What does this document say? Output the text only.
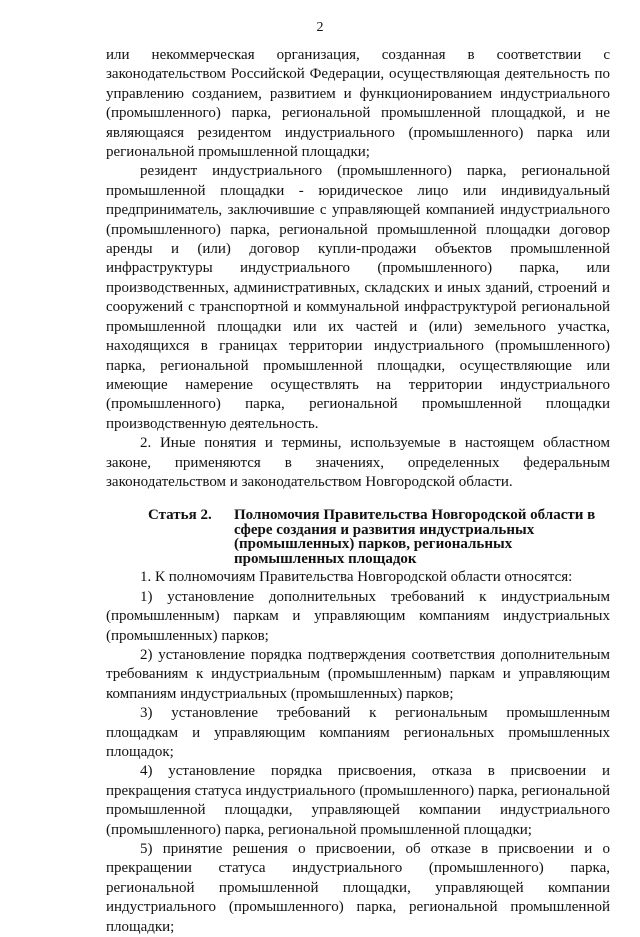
2

или некоммерческая организация, созданная в соответствии с законодательством Российской Федерации, осуществляющая деятельность по управлению созданием, развитием и функционированием индустриального (промышленного) парка, региональной промышленной площадкой, и не являющаяся резидентом индустриального (промышленного) парка или региональной промышленной площадки;

резидент индустриального (промышленного) парка, региональной промышленной площадки - юридическое лицо или индивидуальный предприниматель, заключившие с управляющей компанией индустриального (промышленного) парка, региональной промышленной площадки договор аренды и (или) договор купли-продажи объектов промышленной инфраструктуры индустриального (промышленного) парка, или производственных, административных, складских и иных зданий, строений и сооружений с транспортной и коммунальной инфраструктурой региональной промышленной площадки или их частей и (или) земельного участка, находящихся в границах территории индустриального (промышленного) парка, региональной промышленной площадки, осуществляющие или имеющие намерение осуществлять на территории индустриального (промышленного) парка, региональной промышленной площадки производственную деятельность.

2. Иные понятия и термины, используемые в настоящем областном законе, применяются в значениях, определенных федеральным законодательством и законодательством Новгородской области.

Статья 2.	Полномочия Правительства Новгородской области в сфере создания и развития индустриальных (промышленных) парков, региональных промышленных площадок

1. К полномочиям Правительства Новгородской области относятся:

1) установление дополнительных требований к индустриальным (промышленным) паркам и управляющим компаниям индустриальных (промышленных) парков;

2) установление порядка подтверждения соответствия дополнительным требованиям к индустриальным (промышленным) паркам и управляющим компаниям индустриальных (промышленных) парков;

3) установление требований к региональным промышленным площадкам и управляющим компаниям региональных промышленных площадок;

4) установление порядка присвоения, отказа в присвоении и прекращения статуса индустриального (промышленного) парка, региональной промышленной площадки, управляющей компании индустриального (промышленного) парка, региональной промышленной площадки;

5) принятие решения о присвоении, об отказе в присвоении и о прекращении статуса индустриального (промышленного) парка, региональной промышленной площадки, управляющей компании индустриального (промышленного) парка, региональной промышленной площадки;
